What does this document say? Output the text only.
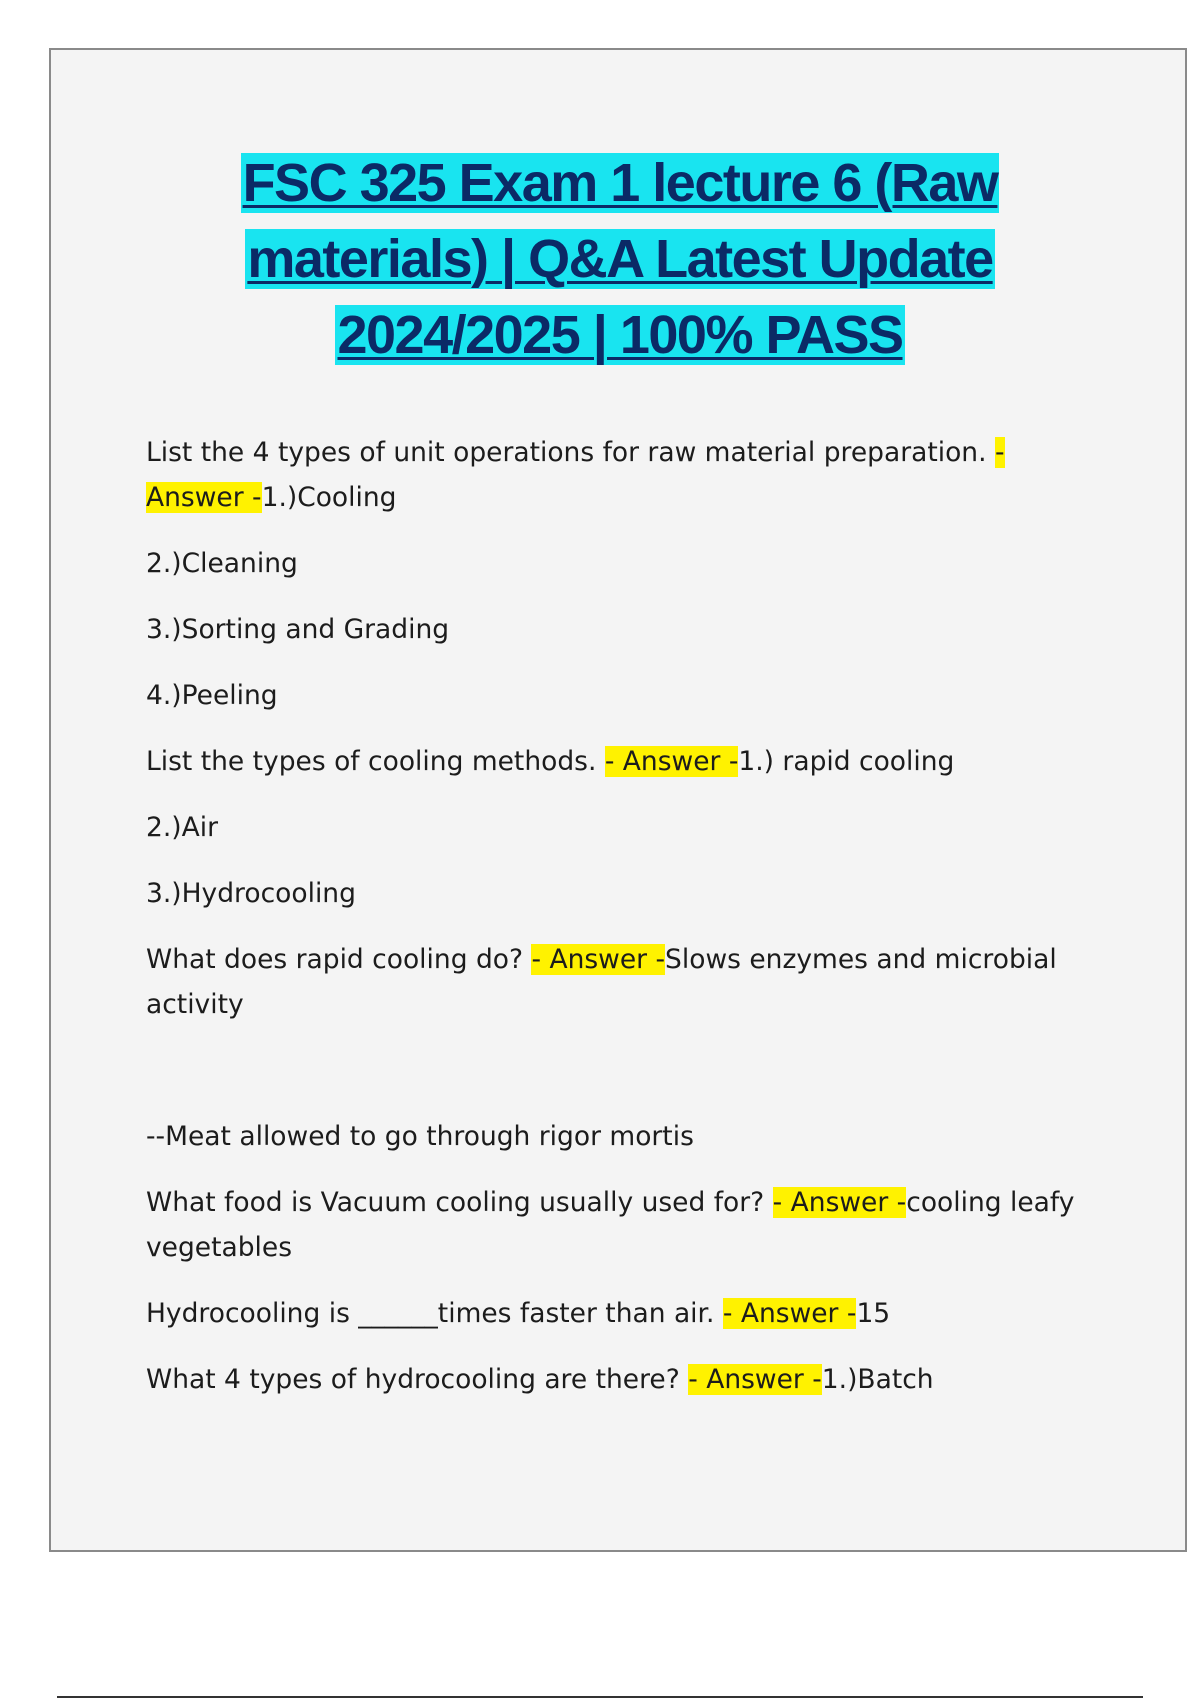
FSC 325 Exam 1 lecture 6 (Raw
materials) | Q&A Latest Update
2024/2025 | 100% PASS

List the 4 types of unit operations for raw material preparation. - Answer -1.)Cooling

2.)Cleaning

3.)Sorting and Grading

4.)Peeling

List the types of cooling methods. - Answer -1.) rapid cooling

2.)Air

3.)Hydrocooling

What does rapid cooling do? - Answer -Slows enzymes and microbial activity

--Meat allowed to go through rigor mortis

What food is Vacuum cooling usually used for? - Answer -cooling leafy vegetables

Hydrocooling is ______times faster than air. - Answer -15

What 4 types of hydrocooling are there? - Answer -1.)Batch
